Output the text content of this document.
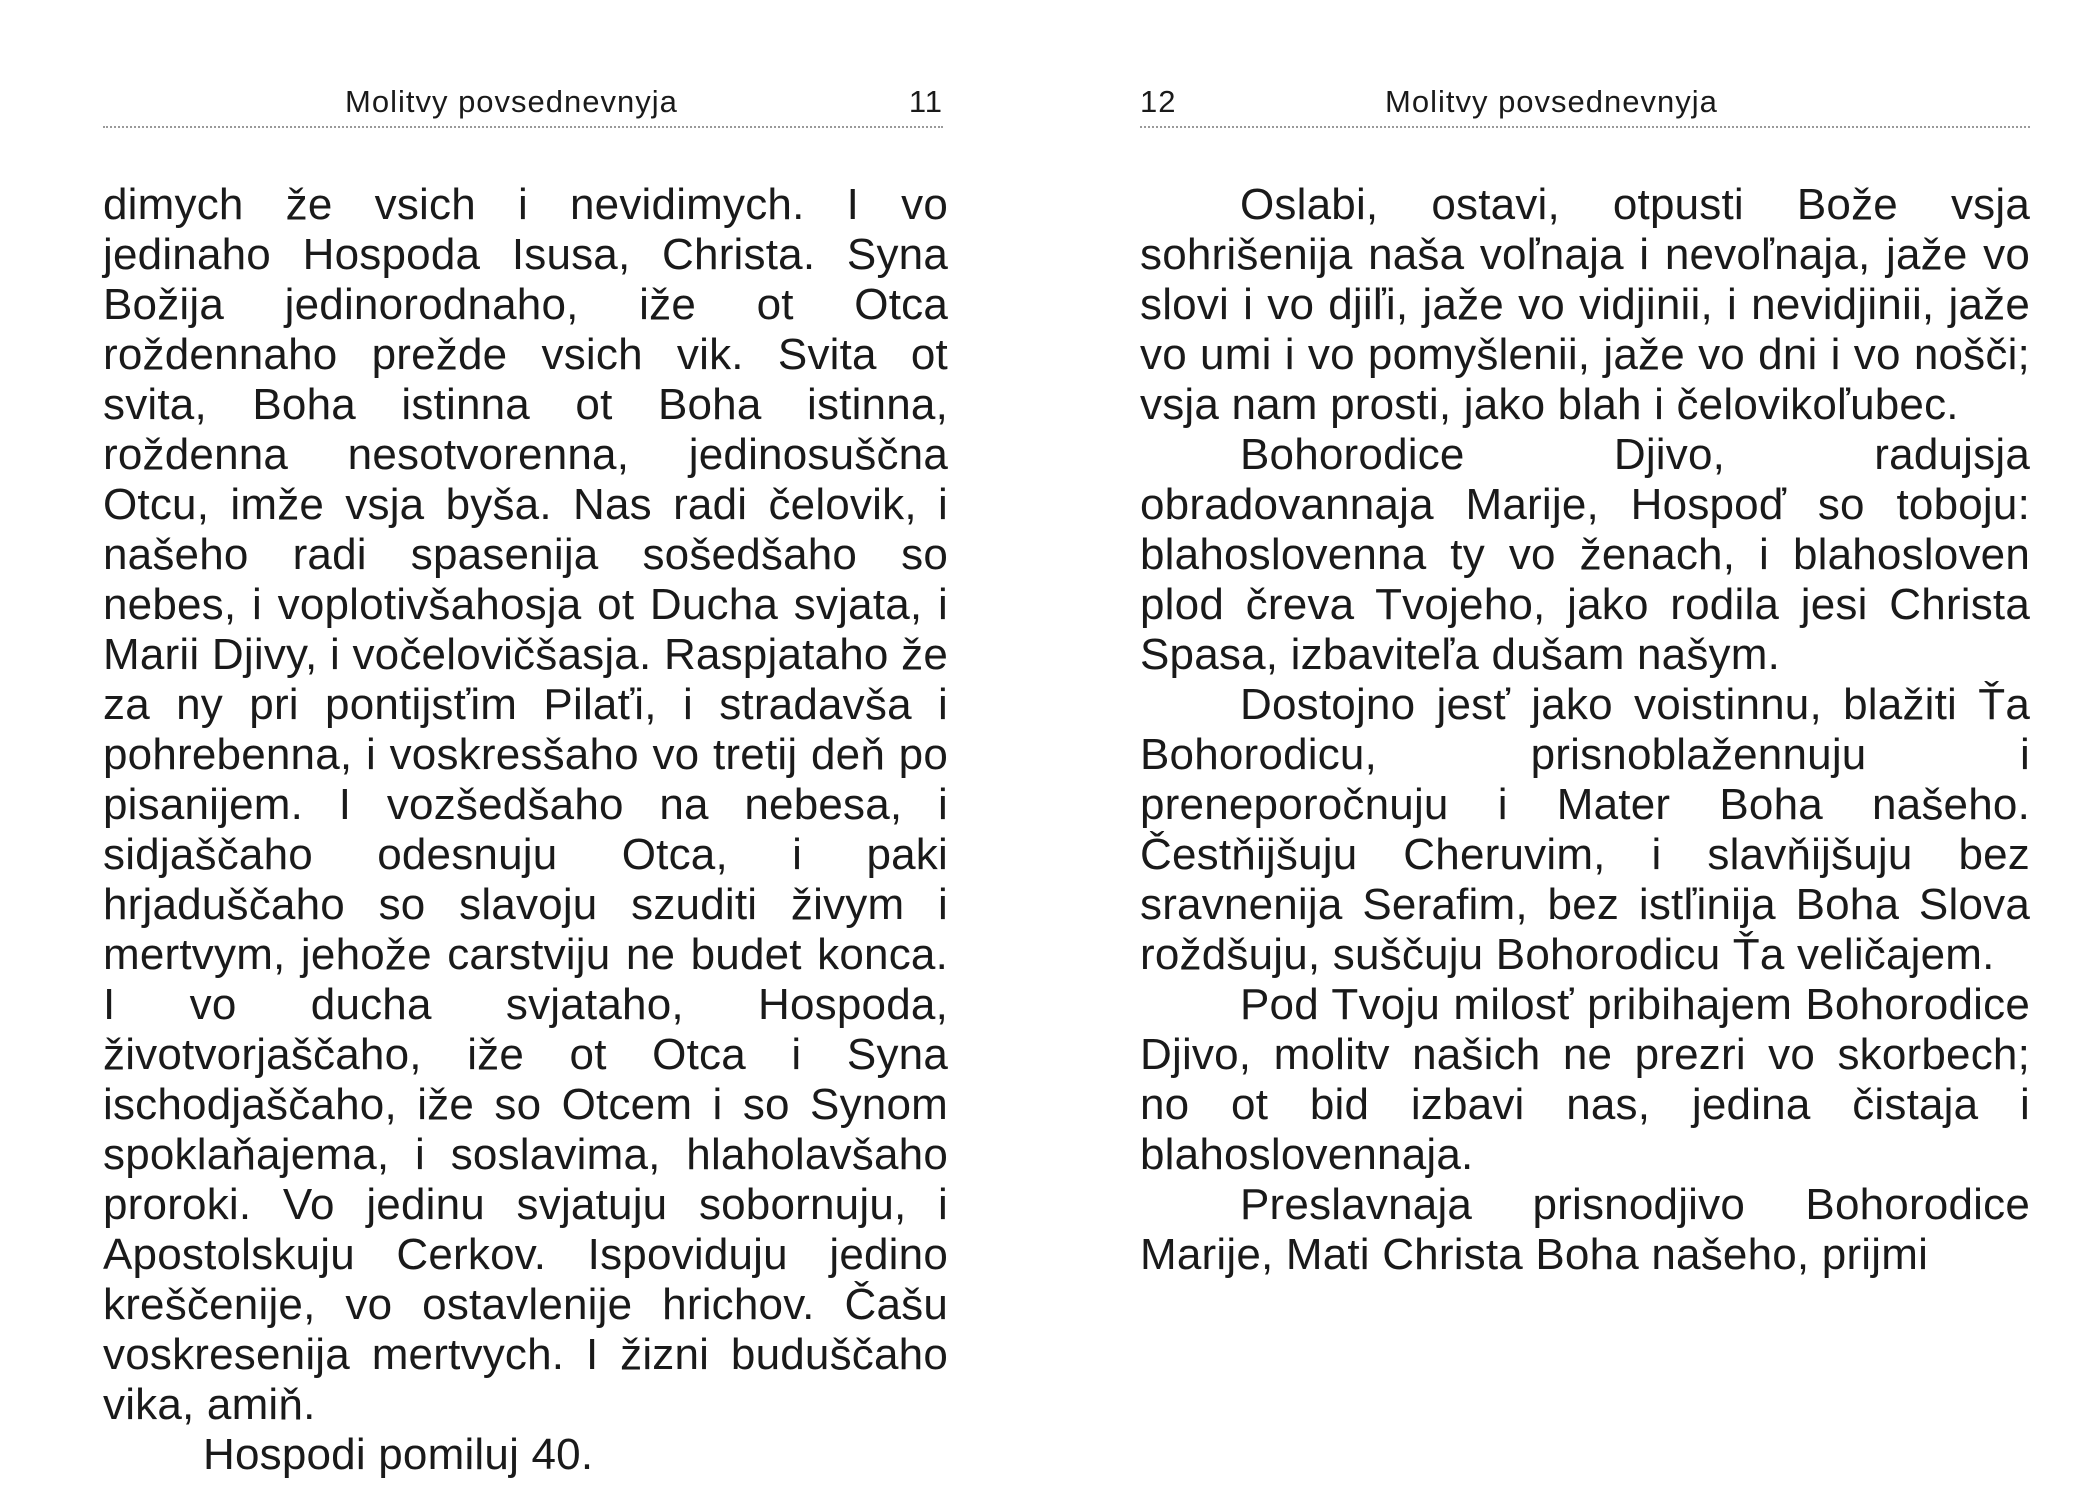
Molitvy povsednevnyja	11

dimych že vsich i nevidimych. I vo jedinaho Hospoda Isusa, Christa. Syna Božija jedinorodnaho, iže ot Otca roždennaho prežde vsich vik. Svita ot svita, Boha istinna ot Boha istinna, roždenna nesotvorenna, jedinosuščna Otcu, imže vsja byša. Nas radi čelovik, i našeho radi spasenija sošedšaho so nebes, i voplotivšahosja ot Ducha svjata, i Marii Djivy, i vočelovičšasja. Raspjataho že za ny pri pontijsťim Pilaťi, i stradavša i pohrebenna, i voskresšaho vo tretij deň po pisanijem. I vozšedšaho na nebesa, i sidjaščaho odesnuju Otca, i paki hrjaduščaho so slavoju szuditi živym i mertvym, jehože carstviju ne budet konca. I vo ducha svjataho, Hospoda, životvorjaščaho, iže ot Otca i Syna ischodjaščaho, iže so Otcem i so Synom spoklaňajema, i soslavima, hlaholavšaho proroki. Vo jedinu svjatuju sobornuju, i Apostolskuju Cerkov. Ispoviduju jedino kreščenije, vo ostavlenije hrichov. Čašu voskresenija mertvych. I žizni buduščaho vika, amiň.

Hospodi pomiluj 40.

12	Molitvy povsednevnyja

Oslabi, ostavi, otpusti Bože vsja sohrišenija naša voľnaja i nevoľnaja, jaže vo slovi i vo djiľi, jaže vo vidjinii, i nevidjinii, jaže vo umi i vo pomyšlenii, jaže vo dni i vo nošči; vsja nam prosti, jako blah i čelovikoľubec.

Bohorodice Djivo, radujsja obradovannaja Marije, Hospoď so toboju: blahoslovenna ty vo ženach, i blahosloven plod čreva Tvojeho, jako rodila jesi Christa Spasa, izbaviteľa dušam našym.

Dostojno jesť jako voistinnu, blažiti Ťa Bohorodicu, prisnoblažennuju i preneporočnuju i Mater Boha našeho. Čestňijšuju Cheruvim, i slavňijšuju bez sravnenija Serafim, bez istľinija Boha Slova roždšuju, suščuju Bohorodicu Ťa veličajem.

Pod Tvoju milosť pribihajem Bohorodice Djivo, molitv našich ne prezri vo skorbech; no ot bid izbavi nas, jedina čistaja i blahoslovennaja.

Preslavnaja prisnodjivo Bohorodice Marije, Mati Christa Boha našeho, prijmi
